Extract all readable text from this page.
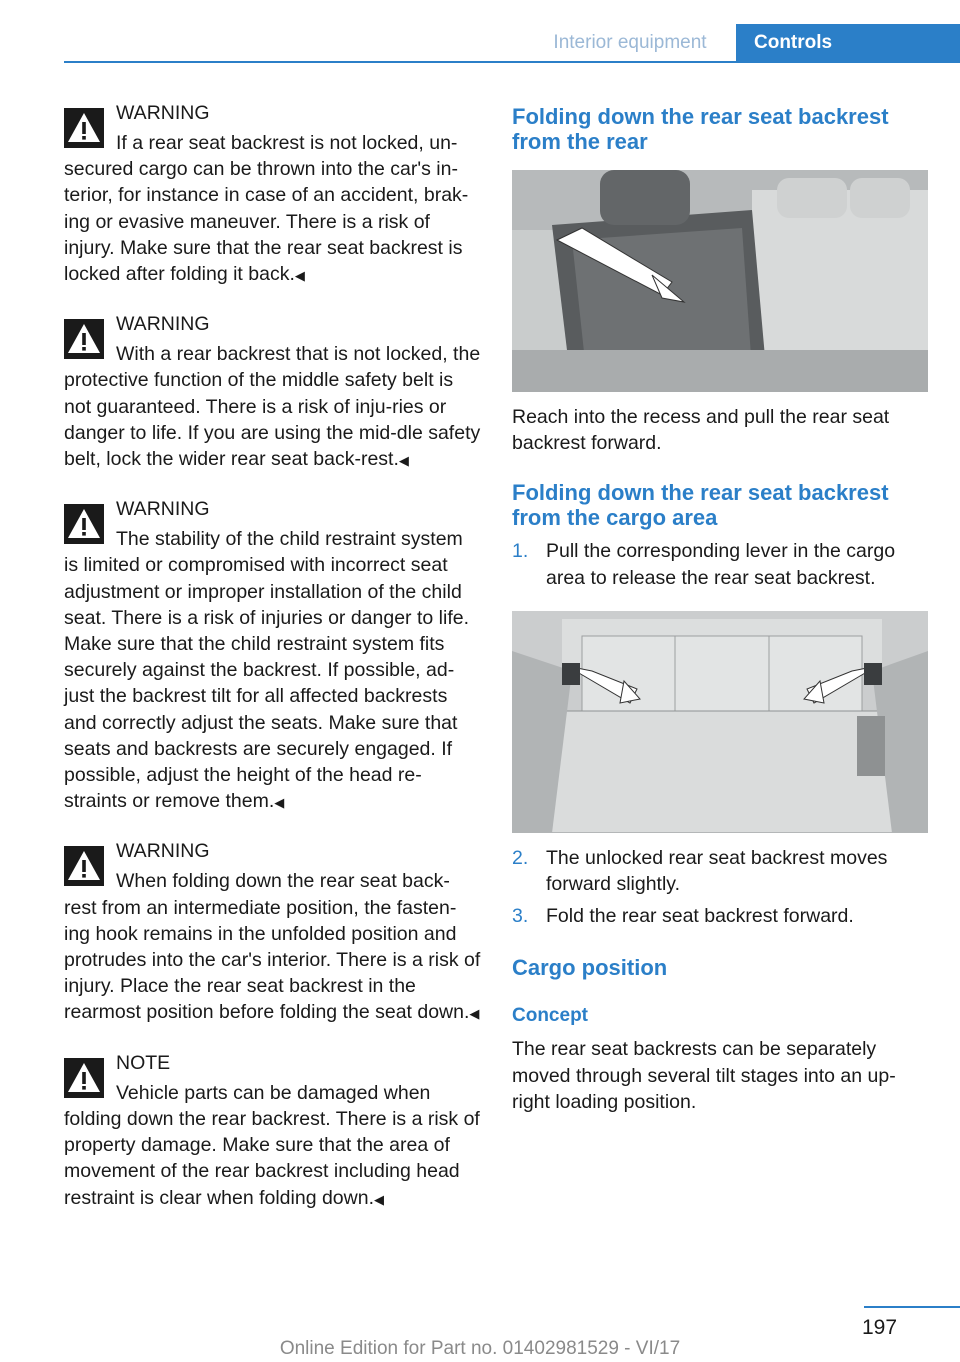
Interior equipment	Controls
WARNING
If a rear seat backrest is not locked, un-secured cargo can be thrown into the car's in-terior, for instance in case of an accident, brak-ing or evasive maneuver. There is a risk of injury. Make sure that the rear seat backrest is locked after folding it back.◀
WARNING
With a rear backrest that is not locked, the protective function of the middle safety belt is not guaranteed. There is a risk of inju-ries or danger to life. If you are using the mid-dle safety belt, lock the wider rear seat back-rest.◀
WARNING
The stability of the child restraint system is limited or compromised with incorrect seat adjustment or improper installation of the child seat. There is a risk of injuries or danger to life. Make sure that the child restraint system fits securely against the backrest. If possible, ad-just the backrest tilt for all affected backrests and correctly adjust the seats. Make sure that seats and backrests are securely engaged. If possible, adjust the height of the head re-straints or remove them.◀
WARNING
When folding down the rear seat back-rest from an intermediate position, the fasten-ing hook remains in the unfolded position and protrudes into the car's interior. There is a risk of injury. Place the rear seat backrest in the rearmost position before folding the seat down.◀
NOTE
Vehicle parts can be damaged when folding down the rear backrest. There is a risk of property damage. Make sure that the area of movement of the rear backrest including head restraint is clear when folding down.◀
Folding down the rear seat backrest from the rear
Reach into the recess and pull the rear seat backrest forward.
Folding down the rear seat backrest from the cargo area
1. Pull the corresponding lever in the cargo area to release the rear seat backrest.
2. The unlocked rear seat backrest moves forward slightly.
3. Fold the rear seat backrest forward.
Cargo position
Concept
The rear seat backrests can be separately moved through several tilt stages into an up-right loading position.
197
Online Edition for Part no. 01402981529 - VI/17
